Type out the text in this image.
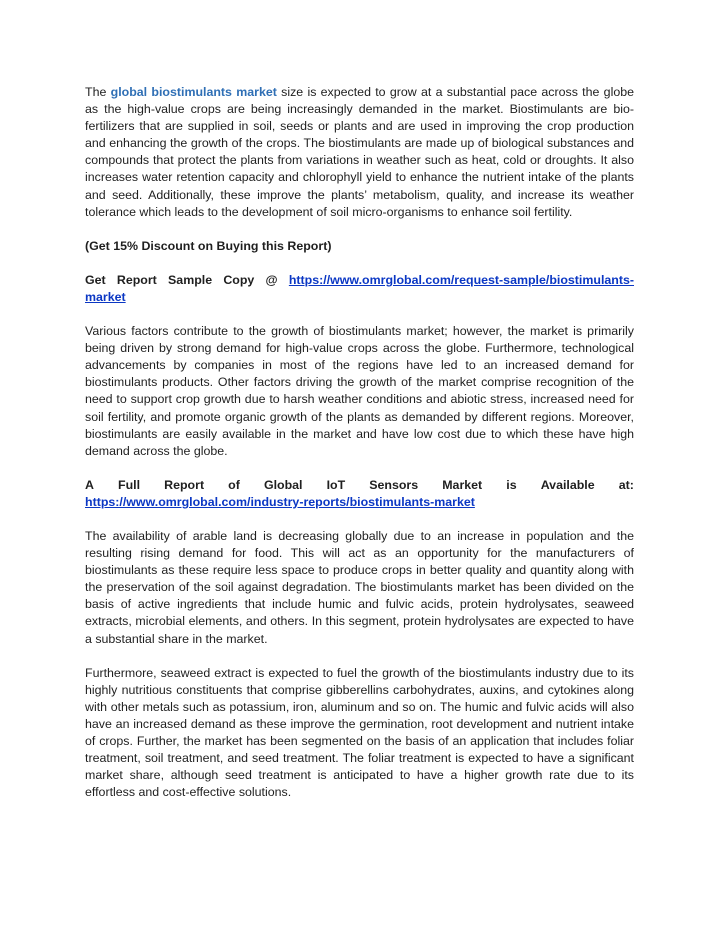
The global biostimulants market size is expected to grow at a substantial pace across the globe as the high-value crops are being increasingly demanded in the market. Biostimulants are bio-fertilizers that are supplied in soil, seeds or plants and are used in improving the crop production and enhancing the growth of the crops. The biostimulants are made up of biological substances and compounds that protect the plants from variations in weather such as heat, cold or droughts. It also increases water retention capacity and chlorophyll yield to enhance the nutrient intake of the plants and seed. Additionally, these improve the plants’ metabolism, quality, and increase its weather tolerance which leads to the development of soil micro-organisms to enhance soil fertility.

(Get 15% Discount on Buying this Report)

Get Report Sample Copy @ https://www.omrglobal.com/request-sample/biostimulants-market

Various factors contribute to the growth of biostimulants market; however, the market is primarily being driven by strong demand for high-value crops across the globe. Furthermore, technological advancements by companies in most of the regions have led to an increased demand for biostimulants products. Other factors driving the growth of the market comprise recognition of the need to support crop growth due to harsh weather conditions and abiotic stress, increased need for soil fertility, and promote organic growth of the plants as demanded by different regions. Moreover, biostimulants are easily available in the market and have low cost due to which these have high demand across the globe.

A Full Report of Global IoT Sensors Market is Available at:
https://www.omrglobal.com/industry-reports/biostimulants-market

The availability of arable land is decreasing globally due to an increase in population and the resulting rising demand for food. This will act as an opportunity for the manufacturers of biostimulants as these require less space to produce crops in better quality and quantity along with the preservation of the soil against degradation. The biostimulants market has been divided on the basis of active ingredients that include humic and fulvic acids, protein hydrolysates, seaweed extracts, microbial elements, and others. In this segment, protein hydrolysates are expected to have a substantial share in the market.

Furthermore, seaweed extract is expected to fuel the growth of the biostimulants industry due to its highly nutritious constituents that comprise gibberellins carbohydrates, auxins, and cytokines along with other metals such as potassium, iron, aluminum and so on. The humic and fulvic acids will also have an increased demand as these improve the germination, root development and nutrient intake of crops. Further, the market has been segmented on the basis of an application that includes foliar treatment, soil treatment, and seed treatment. The foliar treatment is expected to have a significant market share, although seed treatment is anticipated to have a higher growth rate due to its effortless and cost-effective solutions.
